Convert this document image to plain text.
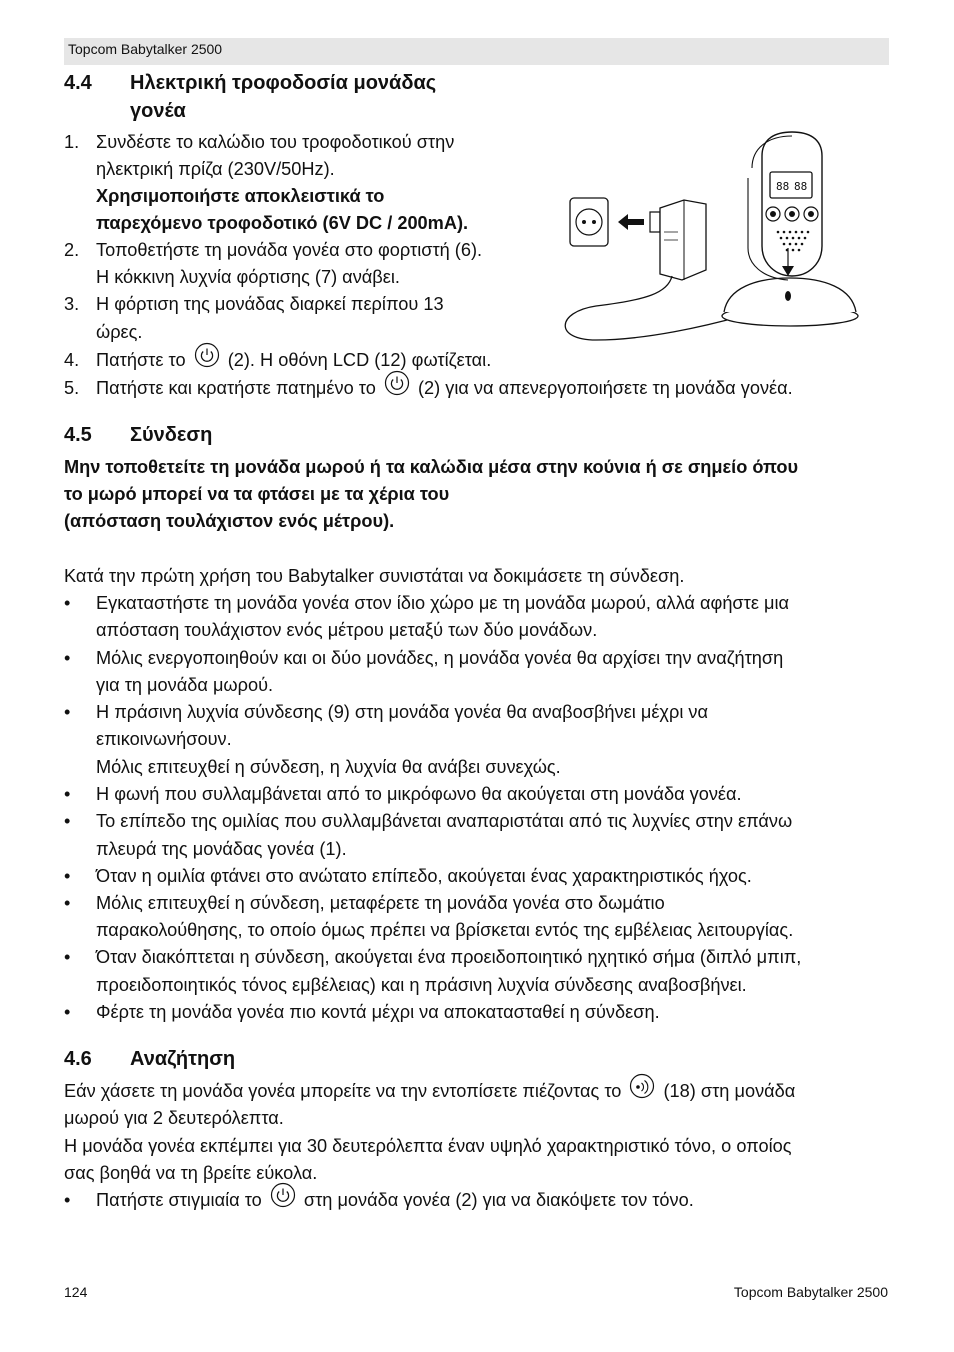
Topcom Babytalker 2500
4.4 Ηλεκτρική τροφοδοσία μονάδας
γονέα
1. Συνδέστε το καλώδιο του τροφοδοτικού στην
ηλεκτρική πρίζα (230V/50Hz).
Χρησιμοποιήστε αποκλειστικά το
παρεχόμενο τροφοδοτικό (6V DC / 200mA).
2. Τοποθετήστε τη μονάδα γονέα στο φορτιστή (6).
Η κόκκινη λυχνία φόρτισης (7) ανάβει.
3. Η φόρτιση της μονάδας διαρκεί περίπου 13
ώρες.
4. Πατήστε το (2). Η οθόνη LCD (12) φωτίζεται.
5. Πατήστε και κρατήστε πατημένο το (2) για να απενεργοποιήσετε τη μονάδα γονέα.
88 88
4.5 Σύνδεση
Μην τοποθετείτε τη μονάδα μωρού ή τα καλώδια μέσα στην κούνια ή σε σημείο όπου
το μωρό μπορεί να τα φτάσει με τα χέρια του
(απόσταση τουλάχιστον ενός μέτρου).
Κατά την πρώτη χρήση του Babytalker συνιστάται να δοκιμάσετε τη σύνδεση.
• Εγκαταστήστε τη μονάδα γονέα στον ίδιο χώρο με τη μονάδα μωρού, αλλά αφήστε μια
απόσταση τουλάχιστον ενός μέτρου μεταξύ των δύο μονάδων.
• Μόλις ενεργοποιηθούν και οι δύο μονάδες, η μονάδα γονέα θα αρχίσει την αναζήτηση
για τη μονάδα μωρού.
• Η πράσινη λυχνία σύνδεσης (9) στη μονάδα γονέα θα αναβοσβήνει μέχρι να
επικοινωνήσουν.
Μόλις επιτευχθεί η σύνδεση, η λυχνία θα ανάβει συνεχώς.
• Η φωνή που συλλαμβάνεται από το μικρόφωνο θα ακούγεται στη μονάδα γονέα.
• Το επίπεδο της ομιλίας που συλλαμβάνεται αναπαριστάται από τις λυχνίες στην επάνω
πλευρά της μονάδας γονέα (1).
• Όταν η ομιλία φτάνει στο ανώτατο επίπεδο, ακούγεται ένας χαρακτηριστικός ήχος.
• Μόλις επιτευχθεί η σύνδεση, μεταφέρετε τη μονάδα γονέα στο δωμάτιο
παρακολούθησης, το οποίο όμως πρέπει να βρίσκεται εντός της εμβέλειας λειτουργίας.
• Όταν διακόπτεται η σύνδεση, ακούγεται ένα προειδοποιητικό ηχητικό σήμα (διπλό μπιπ,
προειδοποιητικός τόνος εμβέλειας) και η πράσινη λυχνία σύνδεσης αναβοσβήνει.
• Φέρτε τη μονάδα γονέα πιο κοντά μέχρι να αποκατασταθεί η σύνδεση.
4.6 Αναζήτηση
Εάν χάσετε τη μονάδα γονέα μπορείτε να την εντοπίσετε πιέζοντας το (18) στη μονάδα
μωρού για 2 δευτερόλεπτα.
Η μονάδα γονέα εκπέμπει για 30 δευτερόλεπτα έναν υψηλό χαρακτηριστικό τόνο, ο οποίος
σας βοηθά να τη βρείτε εύκολα.
• Πατήστε στιγμιαία το στη μονάδα γονέα (2) για να διακόψετε τον τόνο.
124	Topcom Babytalker 2500
